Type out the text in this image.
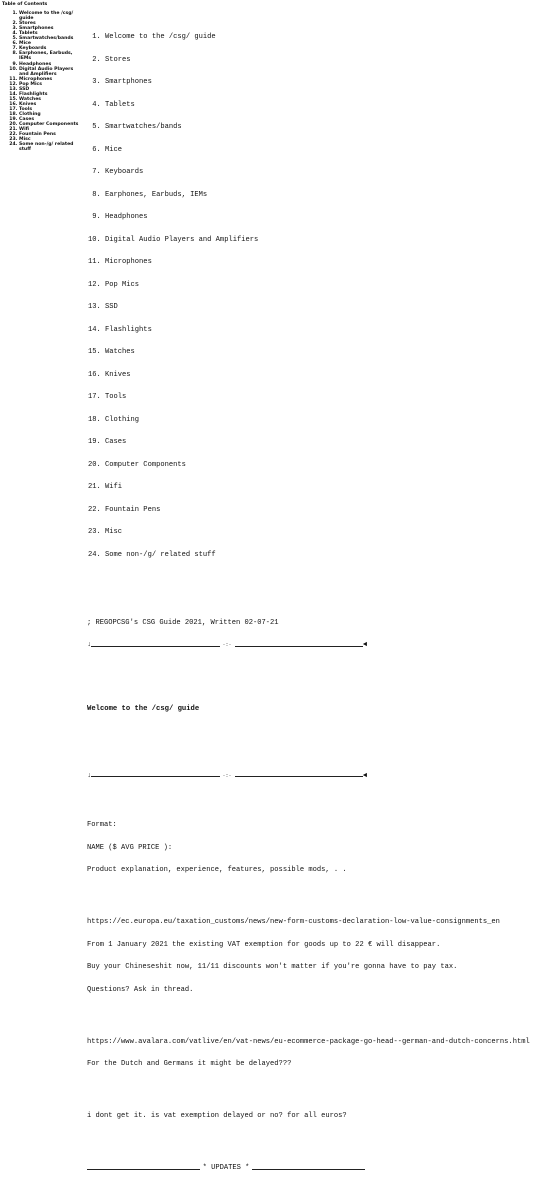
Table of Contents
1. Welcome to the /csg/ guide
2. Stores
3. Smartphones
4. Tablets
5. Smartwatches/bands
6. Mice
7. Keyboards
8. Earphones, Earbuds, IEMs
9. Headphones
10. Digital Audio Players and Amplifiers
11. Microphones
12. Pop Mics
13. SSD
14. Flashlights
15. Watches
16. Knives
17. Tools
18. Clothing
19. Cases
20. Computer Components
21. Wifi
22. Fountain Pens
23. Misc
24. Some non-/g/ related stuff

1. Welcome to the /csg/ guide

2. Stores

3. Smartphones

4. Tablets

5. Smartwatches/bands

6. Mice

7. Keyboards

8. Earphones, Earbuds, IEMs

9. Headphones

10. Digital Audio Players and Amplifiers

11. Microphones

12. Pop Mics

13. SSD

14. Flashlights

15. Watches

16. Knives

17. Tools

18. Clothing

19. Cases

20. Computer Components

21. Wifi

22. Fountain Pens

23. Misc

24. Some non-/g/ related stuff

; REGOPCSG's CSG Guide 2021, Written 02-07-21

↓	·:·	◄

Welcome to the /csg/ guide

↓	·:·	◄

Format:

NAME ($ AVG PRICE ):

Product explanation, experience, features, possible mods, . .

https://ec.europa.eu/taxation_customs/news/new-form-customs-declaration-low-value-consignments_en

From 1 January 2021 the existing VAT exemption for goods up to 22 € will disappear.

Buy your Chineseshit now, 11/11 discounts won't matter if you're gonna have to pay tax.

Questions? Ask in thread.

https://www.avalara.com/vatlive/en/vat-news/eu-ecommerce-package-go-head--german-and-dutch-concerns.html

For the Dutch and Germans it might be delayed???

i dont get it. is vat exemption delayed or no? for all euros?

* UPDATES *
